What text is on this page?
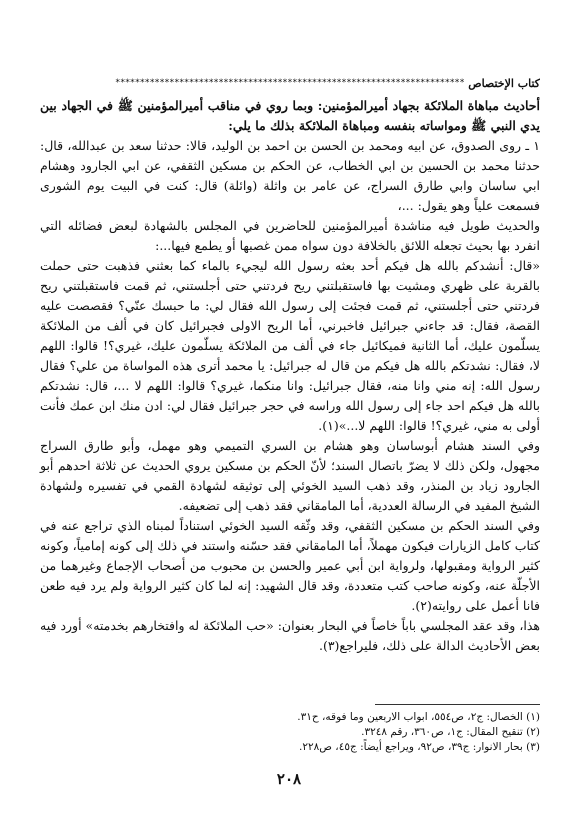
كتاب الإختصاص
***********************************************************************

أحاديث مباهاة الملائكة بجهاد أميرالمؤمنين: وبما روي في مناقب أميرالمؤمنين ﷺ في الجهاد بين يدي النبي ﷺ ومواساته بنفسه ومباهاة الملائكة بذلك ما يلي:

١ ـ روى الصدوق، عن ابيه ومحمد بن الحسن بن احمد بن الوليد، قالا: حدثنا سعد بن عبدالله، قال: حدثنا محمد بن الحسين بن ابي الخطاب، عن الحكم بن مسكين الثقفي، عن ابي الجارود وهشام ابي ساسان وابي طارق السراج، عن عامر بن واثلة (وائلة) قال: كنت في البيت يوم الشورى فسمعت علياً وهو يقول: ...،

والحديث طويل فيه مناشدة أميرالمؤمنين للحاضرين في المجلس بالشهادة لبعض فضائله التي انفرد بها بحيث تجعله اللائق بالخلافة دون سواه ممن غصبها أو يطمع فيها...:

«قال: أنشدكم بالله هل فيكم أحد بعثه رسول الله ليجيء بالماء كما بعثني فذهبت حتى حملت بالقربة على ظهري ومشيت بها فاستقبلتني ريح فردتني حتى أجلستني، ثم قمت فاستقبلتني ريح فردتني حتى أجلستني، ثم قمت فجئت إلى رسول الله فقال لي: ما حبسك عنّي؟ فقصصت عليه القصة، فقال: قد جاءني جبرائيل فاخبرني، أما الريح الاولى فجبرائيل كان في ألف من الملائكة يسلّمون عليك، أما الثانية فميكائيل جاء في ألف من الملائكة يسلّمون عليك، غيري؟! قالوا: اللهم لا، فقال: نشدتكم بالله هل فيكم من قال له جبرائيل: يا محمد أترى هذه المواساة من علي؟ فقال رسول الله: إنه مني وانا منه، فقال جبرائيل: وانا منكما، غيري؟ قالوا: اللهم لا ...، قال: نشدتكم بالله هل فيكم احد جاء إلى رسول الله وراسه في حجر جبرائيل فقال لي: ادن منك ابن عمك فأنت أولى به مني، غيري؟! قالوا: اللهم لا...»(١).

وفي السند هشام أبوساسان وهو هشام بن السري التميمي وهو مهمل، وأبو طارق السراج مجهول، ولكن ذلك لا يضرّ باتصال السند؛ لأنّ الحكم بن مسكين يروي الحديث عن ثلاثة احدهم أبو الجارود زياد بن المنذر، وقد ذهب السيد الخوئي إلى توثيقه لشهادة القمي في تفسيره ولشهادة الشيخ المفيد في الرسالة العددية، أما المامقاني فقد ذهب إلى تضعيفه.

وفي السند الحكم بن مسكين الثقفي، وقد وثّقه السيد الخوئي استناداً لمبناه الذي تراجع عنه في كتاب كامل الزيارات فيكون مهملاً، أما المامقاني فقد حسّنه واستند في ذلك إلى كونه إمامياً، وكونه كثير الرواية ومقبولها، ولرواية ابن أبي عمير والحسن بن محبوب من أصحاب الإجماع وغيرهما من الأجلّة عنه، وكونه صاحب كتب متعددة، وقد قال الشهيد: إنه لما كان كثير الرواية ولم يرد فيه طعن فانا أعمل على روايته(٢).

هذا، وقد عقد المجلسي باباً خاصاً في البحار بعنوان: «حب الملائكة له وافتخارهم بخدمته» أورد فيه بعض الأحاديث الدالة على ذلك، فليراجع(٣).

(١) الخصال: ج٢، ص٥٥٤، ابواب الاربعين وما فوقه، ح٣١.
(٢) تنقيح المقال: ج١، ص٣٦٠، رقم ٣٢٤٨.
(٣) بحار الانوار: ج٣٩، ص٩٢، ويراجع أيضاً: ج٤٥، ص٢٢٨.
٢٠٨
